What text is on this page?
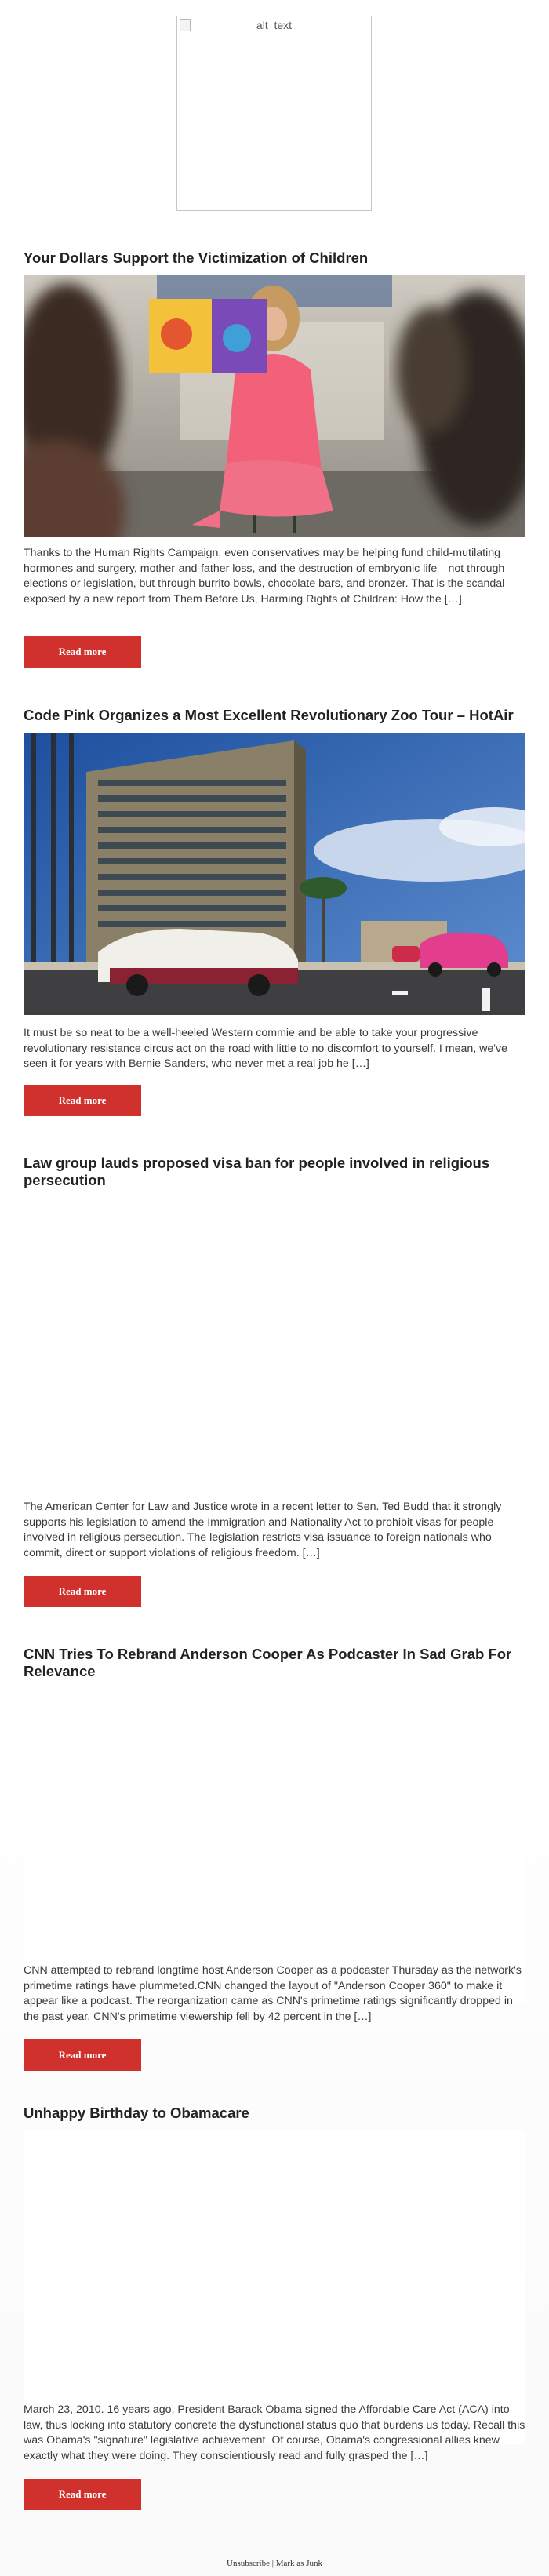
alt_text
Your Dollars Support the Victimization of Children

Thanks to the Human Rights Campaign, even conservatives may be helping fund child-mutilating hormones and surgery, mother-and-father loss, and the destruction of embryonic life—not through elections or legislation, but through burrito bowls, chocolate bars, and bronzer. That is the scandal exposed by a new report from Them Before Us, Harming Rights of Children: How the […]

Read more
Code Pink Organizes a Most Excellent Revolutionary Zoo Tour – HotAir

It must be so neat to be a well-heeled Western commie and be able to take your progressive revolutionary resistance circus act on the road with little to no discomfort to yourself. I mean, we've seen it for years with Bernie Sanders, who never met a real job he […]

Read more
Law group lauds proposed visa ban for people involved in religious persecution

The American Center for Law and Justice wrote in a recent letter to Sen. Ted Budd that it strongly supports his legislation to amend the Immigration and Nationality Act to prohibit visas for people involved in religious persecution. The legislation restricts visa issuance to foreign nationals who commit, direct or support violations of religious freedom. […]

Read more
CNN Tries To Rebrand Anderson Cooper As Podcaster In Sad Grab For Relevance

CNN attempted to rebrand longtime host Anderson Cooper as a podcaster Thursday as the network's primetime ratings have plummeted.CNN changed the layout of "Anderson Cooper 360" to make it appear like a podcast. The reorganization came as CNN's primetime ratings significantly dropped in the past year. CNN's primetime viewership fell by 42 percent in the […]

Read more
Unhappy Birthday to Obamacare

March 23, 2010. 16 years ago, President Barack Obama signed the Affordable Care Act (ACA) into law, thus locking into statutory concrete the dysfunctional status quo that burdens us today. Recall this was Obama's "signature" legislative achievement. Of course, Obama's congressional allies knew exactly what they were doing. They conscientiously read and fully grasped the […]

Read more
Unsubscribe | Mark as Junk
